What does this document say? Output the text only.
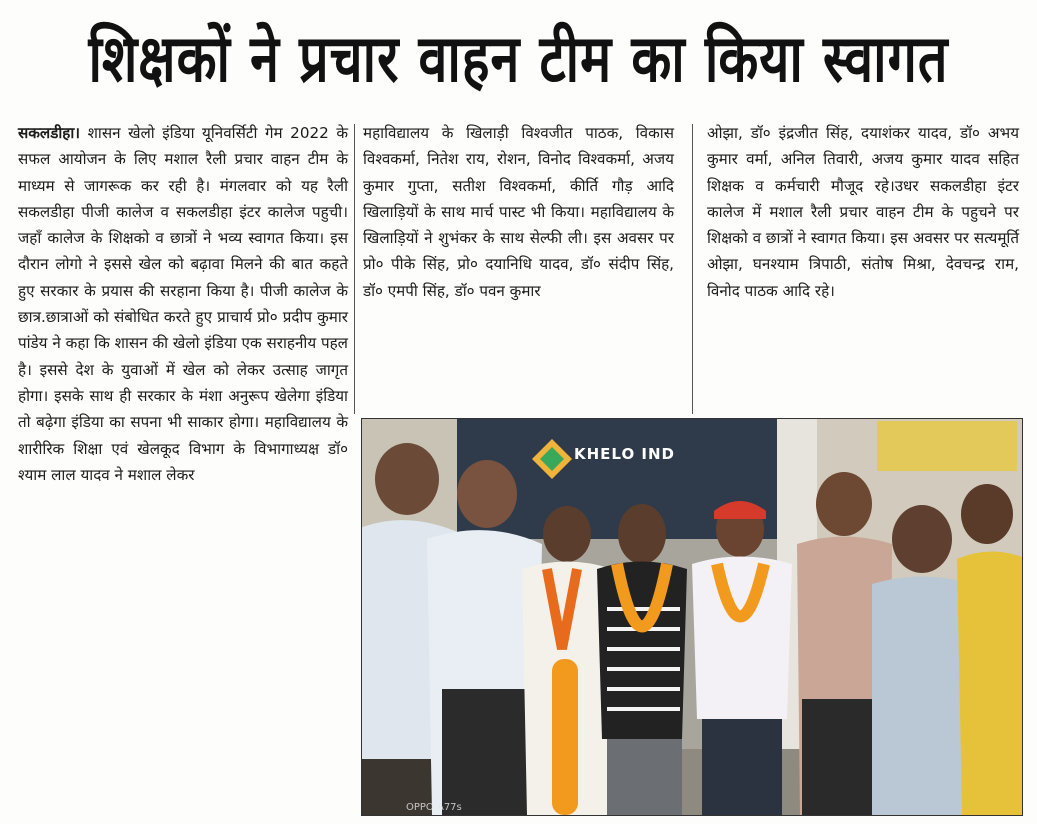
शिक्षकों ने प्रचार वाहन टीम का किया स्वागत

सकलडीहा। शासन खेलो इंडिया यूनिवर्सिटी गेम 2022 के सफल आयोजन के लिए मशाल रैली प्रचार वाहन टीम के माध्यम से जागरूक कर रही है। मंगलवार को यह रैली सकलडीहा पीजी कालेज व सकलडीहा इंटर कालेज पहुची। जहाँ कालेज के शिक्षको व छात्रों ने भव्य स्वागत किया। इस दौरान लोगो ने इससे खेल को बढ़ावा मिलने की बात कहते हुए सरकार के प्रयास की सरहाना किया है। पीजी कालेज के छात्र.छात्राओं को संबोधित करते हुए प्राचार्य प्रो० प्रदीप कुमार पांडेय ने कहा कि शासन की खेलो इंडिया एक सराहनीय पहल है। इससे देश के युवाओं में खेल को लेकर उत्साह जागृत होगा। इसके साथ ही सरकार के मंशा अनुरूप खेलेगा इंडिया तो बढ़ेगा इंडिया का सपना भी साकार होगा। महाविद्यालय के शारीरिक शिक्षा एवं खेलकूद विभाग के विभागाध्यक्ष डॉ० श्याम लाल यादव ने मशाल लेकर

महाविद्यालय के खिलाड़ी विश्वजीत पाठक, विकास विश्वकर्मा, नितेश राय, रोशन, विनोद विश्वकर्मा, अजय कुमार गुप्ता, सतीश विश्वकर्मा, कीर्ति गौड़ आदि खिलाड़ियों के साथ मार्च पास्ट भी किया। महाविद्यालय के खिलाड़ियों ने शुभंकर के साथ सेल्फी ली। इस अवसर पर प्रो० पीके सिंह, प्रो० दयानिधि यादव, डॉ० संदीप सिंह, डॉ० एमपी सिंह, डॉ० पवन कुमार

ओझा, डॉ० इंद्रजीत सिंह, दयाशंकर यादव, डॉ० अभय कुमार वर्मा, अनिल तिवारी, अजय कुमार यादव सहित शिक्षक व कर्मचारी मौजूद रहे।उधर सकलडीहा इंटर कालेज में मशाल रैली प्रचार वाहन टीम के पहुचने पर शिक्षको व छात्रों ने स्वागत किया। इस अवसर पर सत्यमूर्ति ओझा, घनश्याम त्रिपाठी, संतोष मिश्रा, देवचन्द्र राम, विनोद पाठक आदि रहे।

KHELO IND
OPPO A77s
